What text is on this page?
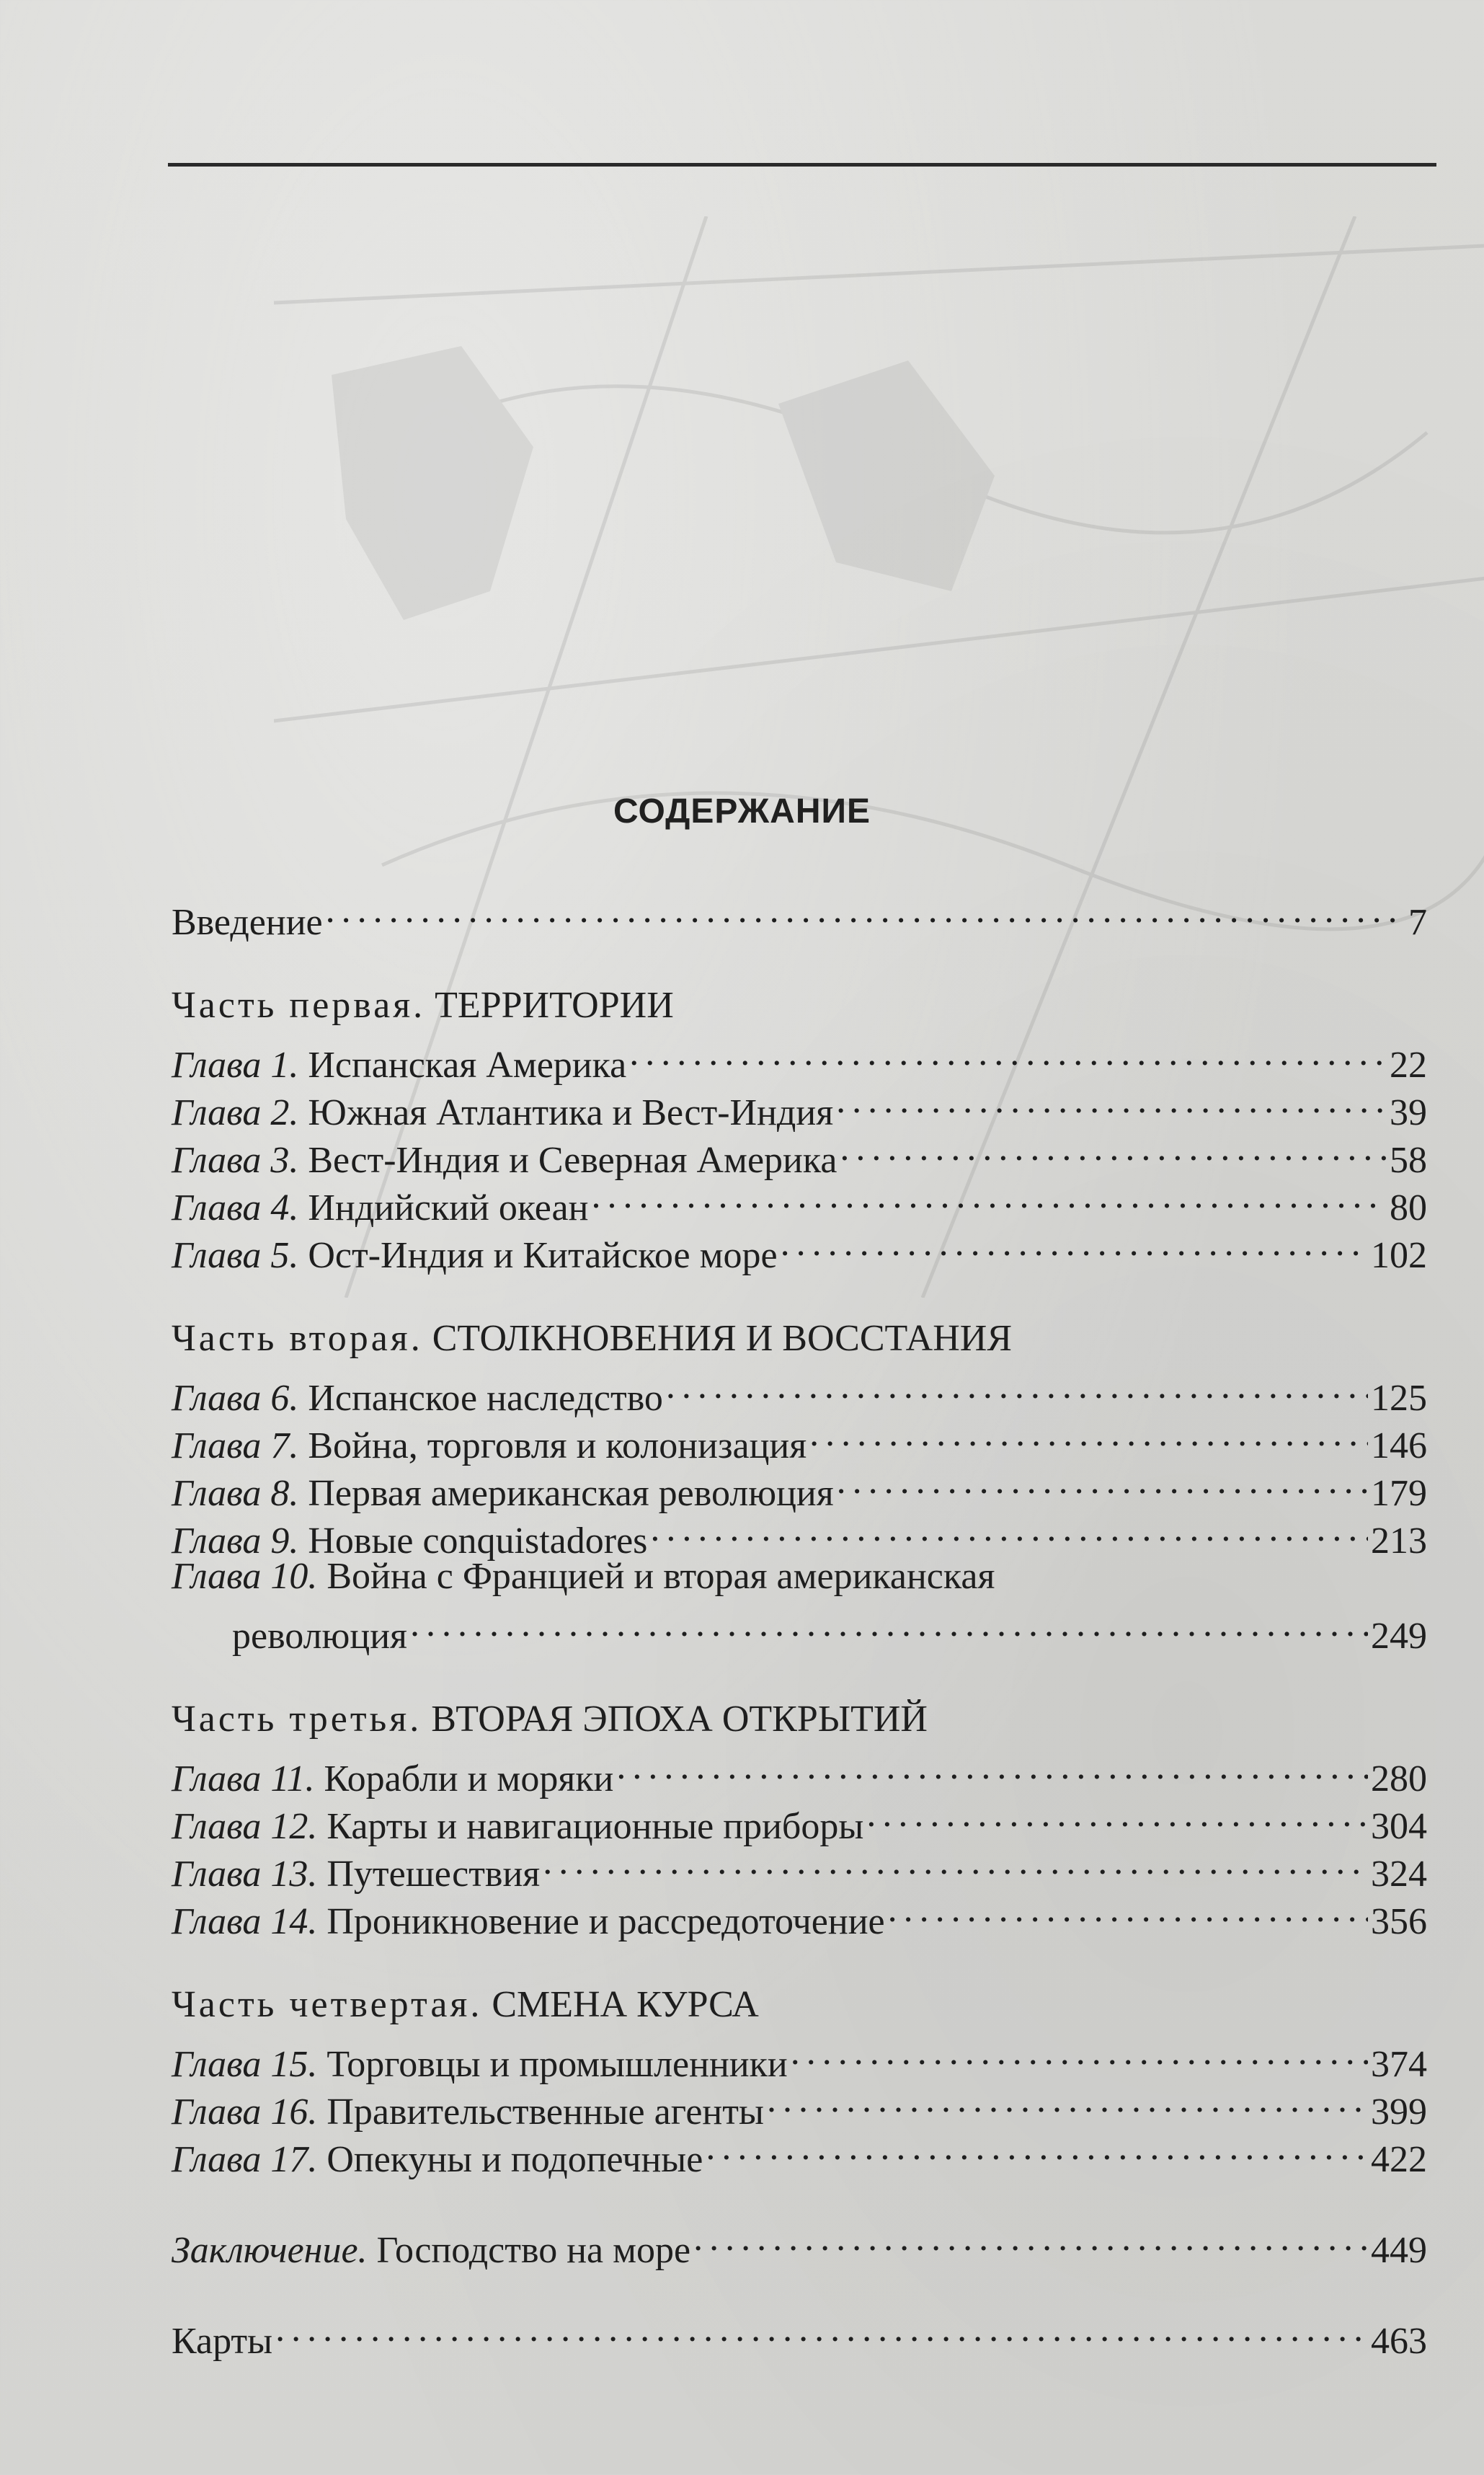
СОДЕРЖАНИЕ
Введение . . .	7
Часть первая. ТЕРРИТОРИИ
Глава 1. Испанская Америка . . .	22
Глава 2. Южная Атлантика и Вест-Индия . . .	39
Глава 3. Вест-Индия и Северная Америка . . .	58
Глава 4. Индийский океан . . .	80
Глава 5. Ост-Индия и Китайское море . . .	102
Часть вторая. СТОЛКНОВЕНИЯ И ВОССТАНИЯ
Глава 6. Испанское наследство . . .	125
Глава 7. Война, торговля и колонизация . . .	146
Глава 8. Первая американская революция . . .	179
Глава 9. Новые conquistadores . . .	213
Глава 10. Война с Францией и вторая американская
революция . . .	249
Часть третья. ВТОРАЯ ЭПОХА ОТКРЫТИЙ
Глава 11. Корабли и моряки . . .	280
Глава 12. Карты и навигационные приборы . . .	304
Глава 13. Путешествия . . .	324
Глава 14. Проникновение и рассредоточение . . .	356
Часть четвертая. СМЕНА КУРСА
Глава 15. Торговцы и промышленники . . .	374
Глава 16. Правительственные агенты . . .	399
Глава 17. Опекуны и подопечные . . .	422
Заключение. Господство на море . . .	449
Карты . . .	463
